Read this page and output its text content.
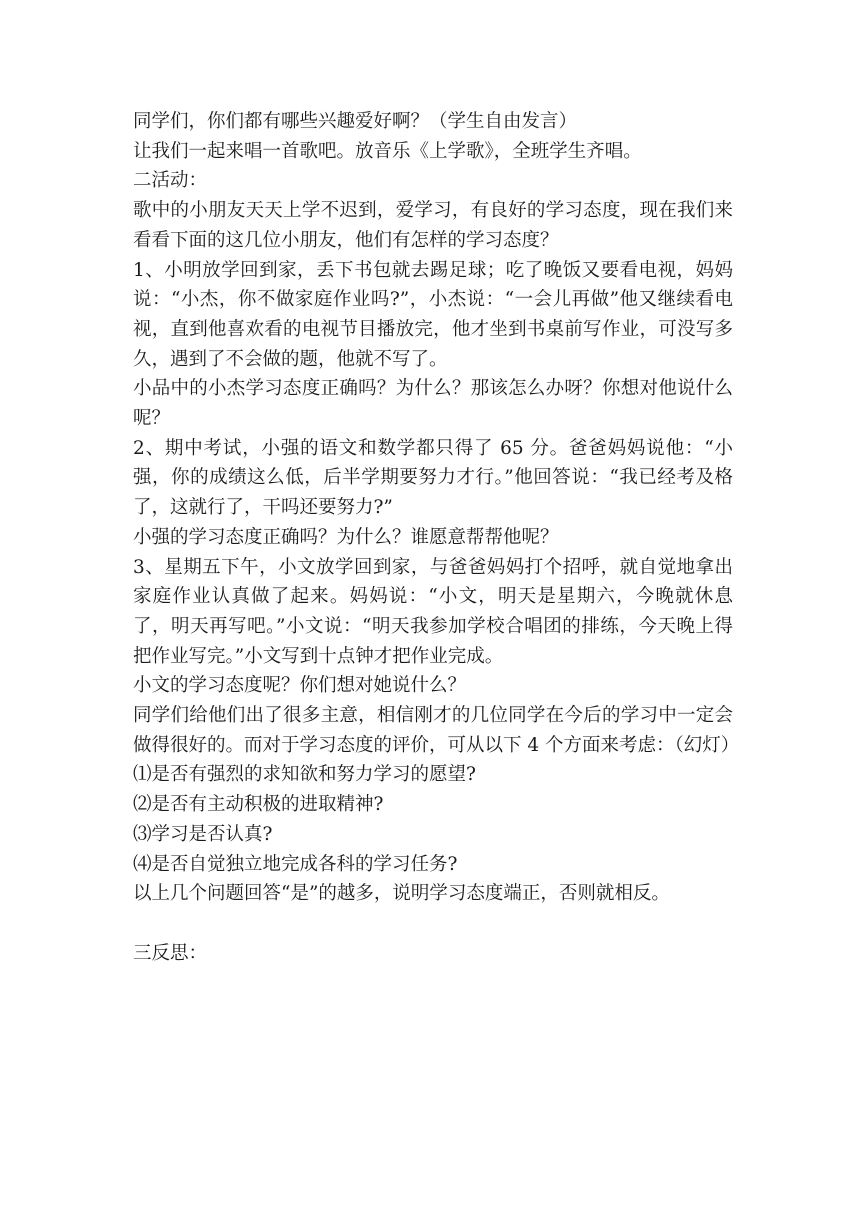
同学们，你们都有哪些兴趣爱好啊？（学生自由发言）

让我们一起来唱一首歌吧。放音乐《上学歌》，全班学生齐唱。

二活动：

歌中的小朋友天天上学不迟到，爱学习，有良好的学习态度，现在我们来看看下面的这几位小朋友，他们有怎样的学习态度？

1、小明放学回到家，丢下书包就去踢足球；吃了晚饭又要看电视，妈妈说：“小杰，你不做家庭作业吗?”，小杰说：“一会儿再做”他又继续看电视，直到他喜欢看的电视节目播放完，他才坐到书桌前写作业，可没写多久，遇到了不会做的题，他就不写了。

小品中的小杰学习态度正确吗？为什么？那该怎么办呀？你想对他说什么呢？

2、期中考试，小强的语文和数学都只得了 65 分。爸爸妈妈说他：“小强，你的成绩这么低，后半学期要努力才行。”他回答说：“我已经考及格了，这就行了，干吗还要努力?”

小强的学习态度正确吗？为什么？谁愿意帮帮他呢？

3、星期五下午，小文放学回到家，与爸爸妈妈打个招呼，就自觉地拿出家庭作业认真做了起来。妈妈说：“小文，明天是星期六，今晚就休息了，明天再写吧。”小文说：“明天我参加学校合唱团的排练，今天晚上得把作业写完。”小文写到十点钟才把作业完成。

小文的学习态度呢？你们想对她说什么？

同学们给他们出了很多主意，相信刚才的几位同学在今后的学习中一定会做得很好的。而对于学习态度的评价，可从以下 4 个方面来考虑：（幻灯）

⑴是否有强烈的求知欲和努力学习的愿望?

⑵是否有主动积极的进取精神?

⑶学习是否认真?

⑷是否自觉独立地完成各科的学习任务?

以上几个问题回答“是”的越多，说明学习态度端正，否则就相反。

三反思：
